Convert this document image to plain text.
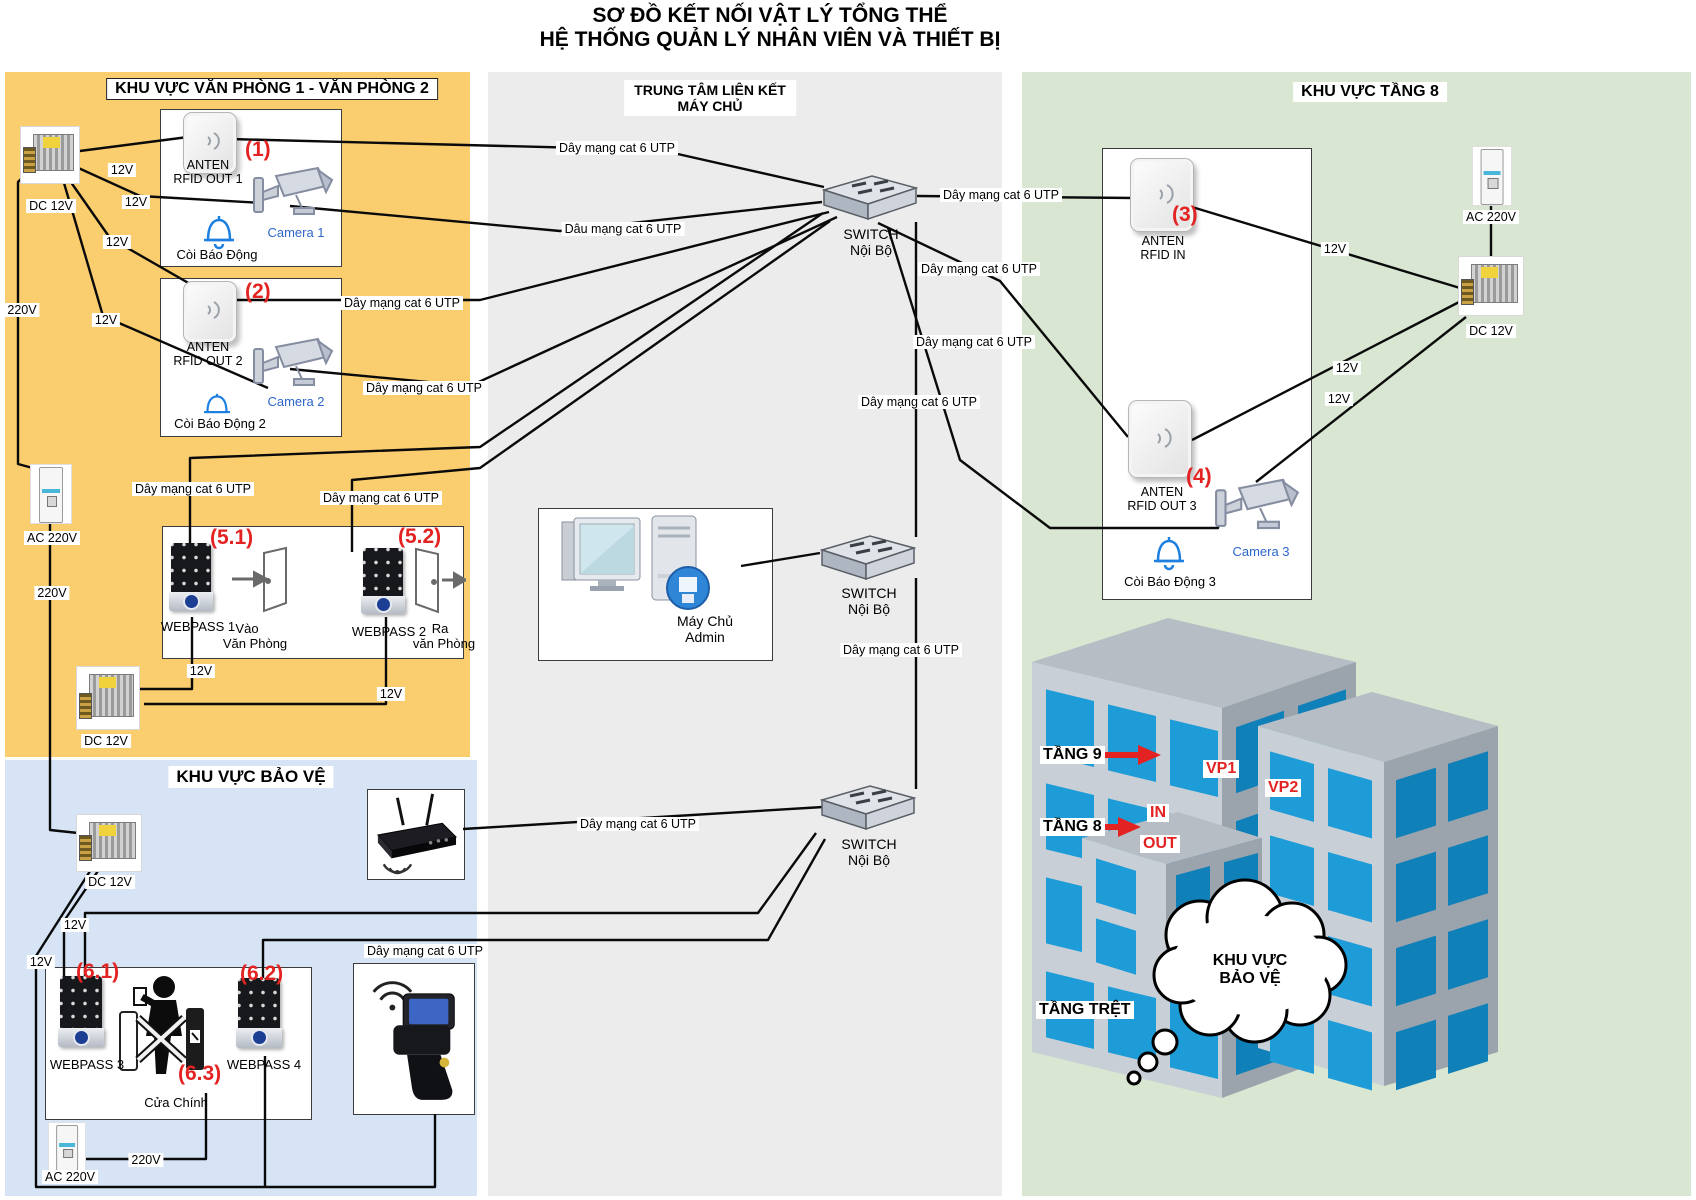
SƠ ĐỒ KẾT NỐI VẬT LÝ TỔNG THỂ
HỆ THỐNG QUẢN LÝ NHÂN VIÊN VÀ THIẾT BỊ
KHU VỰC VĂN PHÒNG 1 - VĂN PHÒNG 2	TRUNG TÂM LIÊN KẾT
MÁY CHỦ
KHU VỰC TẦNG 8
KHU VỰC BẢO VỆ
DC 12V
(1)
ANTEN
RFID OUT 1
Camera 1
Còi Báo Động
(2)
ANTEN
RFID OUT 2
Camera 2
Còi Báo Động 2
12V
12V
12V
12V
220V
AC 220V
220V
Dây mạng cat 6 UTP
Dây mạng cat 6 UTP
(5.1)
WEBPASS 1 Vào
Văn Phòng
(5.2)
WEBPASS 2 Ra
văn Phòng
12V
12V
DC 12V
DC 12V
12V
12V (6.1)	(6.2)
WEBPASS 3	WEBPASS 4
(6.3)
Cửa Chính
AC 220V
220V
Dây mạng cat 6 UTP
Dây mạng cat 6 UTP
Dây mạng cat 6 UTP
Dâu mạng cat 6 UTP
Dây mạng cat 6 UTP
Dây mạng cat 6 UTP
Dây mạng cat 6 UTP
Dây mạng cat 6 UTP
Dây mạng cat 6 UTP
Dây mạng cat 6 UTP
Dây mạng cat 6 UTP
SWITCH
Nội Bộ
Máy Chủ
Admin
SWITCH
Nội Bộ
SWITCH
Nội Bộ
(3)
ANTEN
RFID IN
(4)
ANTEN
RFID OUT 3
Camera 3
Còi Báo Động 3
AC 220V
DC 12V
12V
12V
12V
TẦNG 9
TẦNG 8
TẦNG TRỆT
VP1
VP2
IN
OUT
KHU VỰC
BẢO VỆ
